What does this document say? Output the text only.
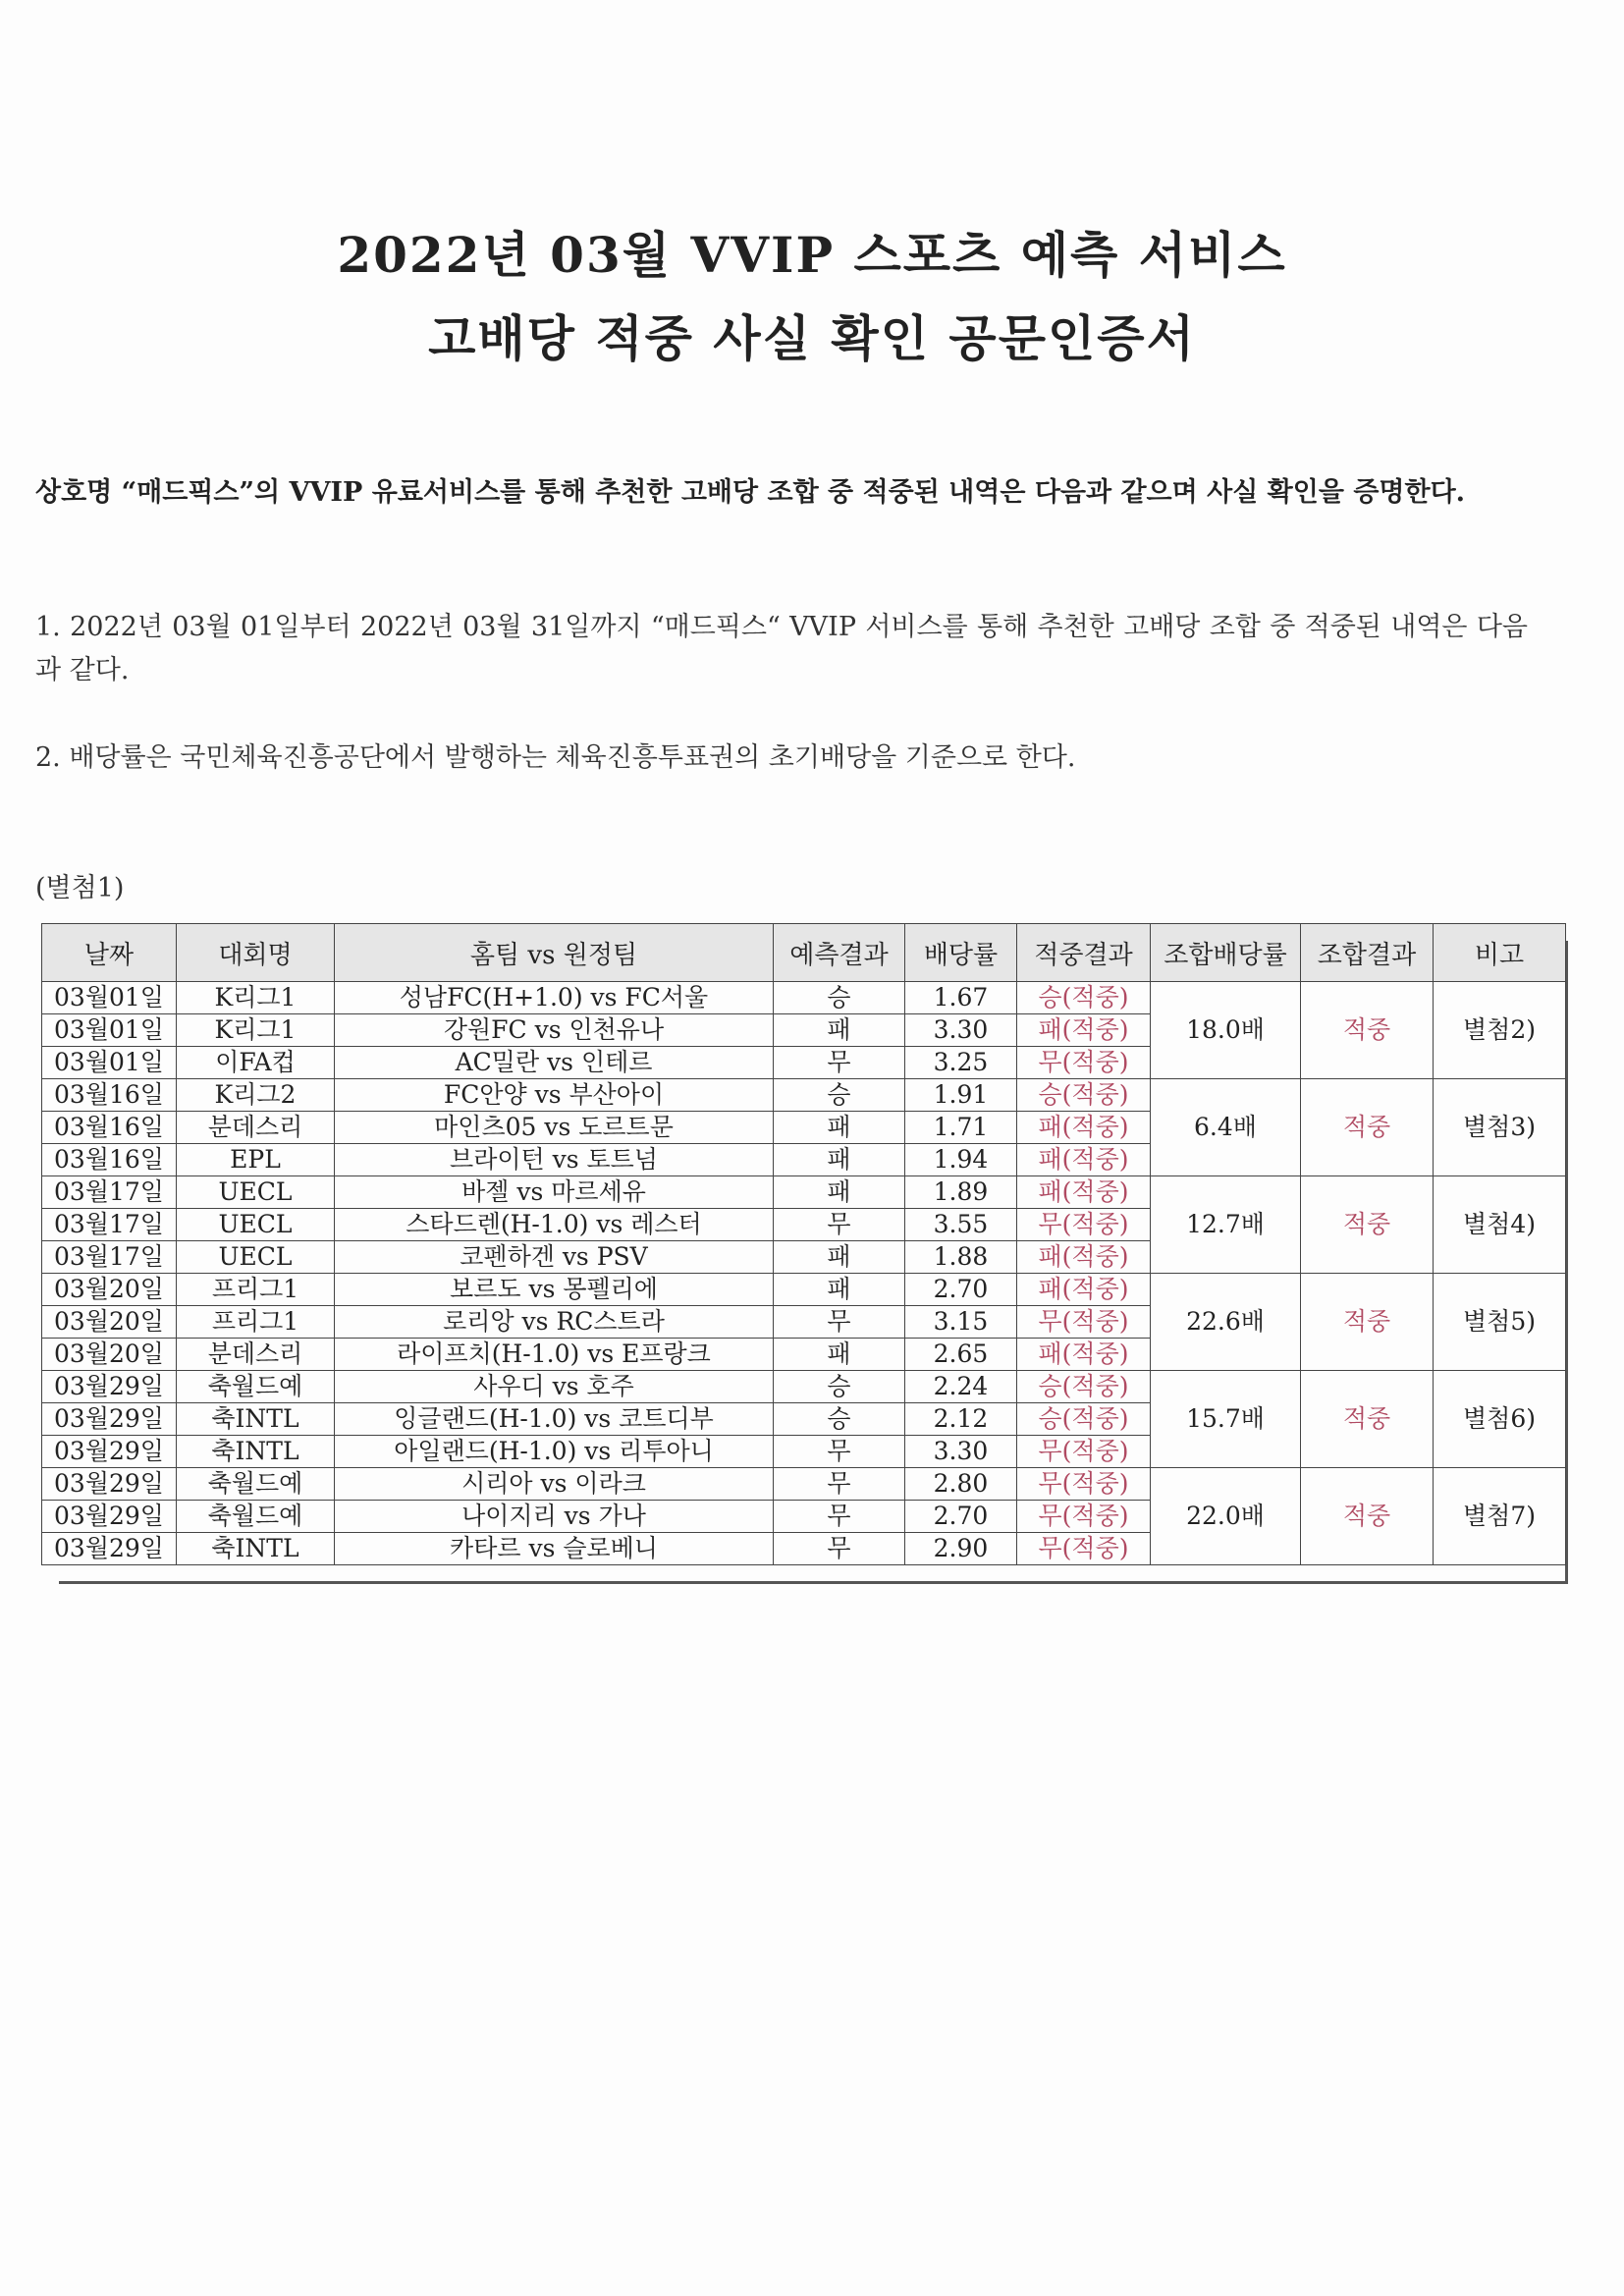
2022년 03월 VVIP 스포츠 예측 서비스
고배당 적중 사실 확인 공문인증서
상호명 “매드픽스”의 VVIP 유료서비스를 통해 추천한 고배당 조합 중 적중된 내역은 다음과 같으며 사실 확인을 증명한다.
1. 2022년 03월 01일부터 2022년 03월 31일까지 “매드픽스“ VVIP 서비스를 통해 추천한 고배당 조합 중 적중된 내역은 다음과 같다.
2. 배당률은 국민체육진흥공단에서 발행하는 체육진흥투표권의 초기배당을 기준으로 한다.
(별첨1)
날짜	대회명	홈팀 vs 원정팀	예측결과	배당률	적중결과	조합배당률	조합결과	비고
03월01일	K리그1	성남FC(H+1.0) vs FC서울	승	1.67	승(적중)	18.0배	적중	별첨2)
03월01일	K리그1	강원FC vs 인천유나	패	3.30	패(적중)			
03월01일	이FA컵	AC밀란 vs 인테르	무	3.25	무(적중)			
03월16일	K리그2	FC안양 vs 부산아이	승	1.91	승(적중)	6.4배	적중	별첨3)
03월16일	분데스리	마인츠05 vs 도르트문	패	1.71	패(적중)			
03월16일	EPL	브라이턴 vs 토트넘	패	1.94	패(적중)			
03월17일	UECL	바젤 vs 마르세유	패	1.89	패(적중)	12.7배	적중	별첨4)
03월17일	UECL	스타드렌(H-1.0) vs 레스터	무	3.55	무(적중)			
03월17일	UECL	코펜하겐 vs PSV	패	1.88	패(적중)			
03월20일	프리그1	보르도 vs 몽펠리에	패	2.70	패(적중)	22.6배	적중	별첨5)
03월20일	프리그1	로리앙 vs RC스트라	무	3.15	무(적중)			
03월20일	분데스리	라이프치(H-1.0) vs E프랑크	패	2.65	패(적중)			
03월29일	축월드예	사우디 vs 호주	승	2.24	승(적중)	15.7배	적중	별첨6)
03월29일	축INTL	잉글랜드(H-1.0) vs 코트디부	승	2.12	승(적중)			
03월29일	축INTL	아일랜드(H-1.0) vs 리투아니	무	3.30	무(적중)			
03월29일	축월드예	시리아 vs 이라크	무	2.80	무(적중)	22.0배	적중	별첨7)
03월29일	축월드예	나이지리 vs 가나	무	2.70	무(적중)			
03월29일	축INTL	카타르 vs 슬로베니	무	2.90	무(적중)			
